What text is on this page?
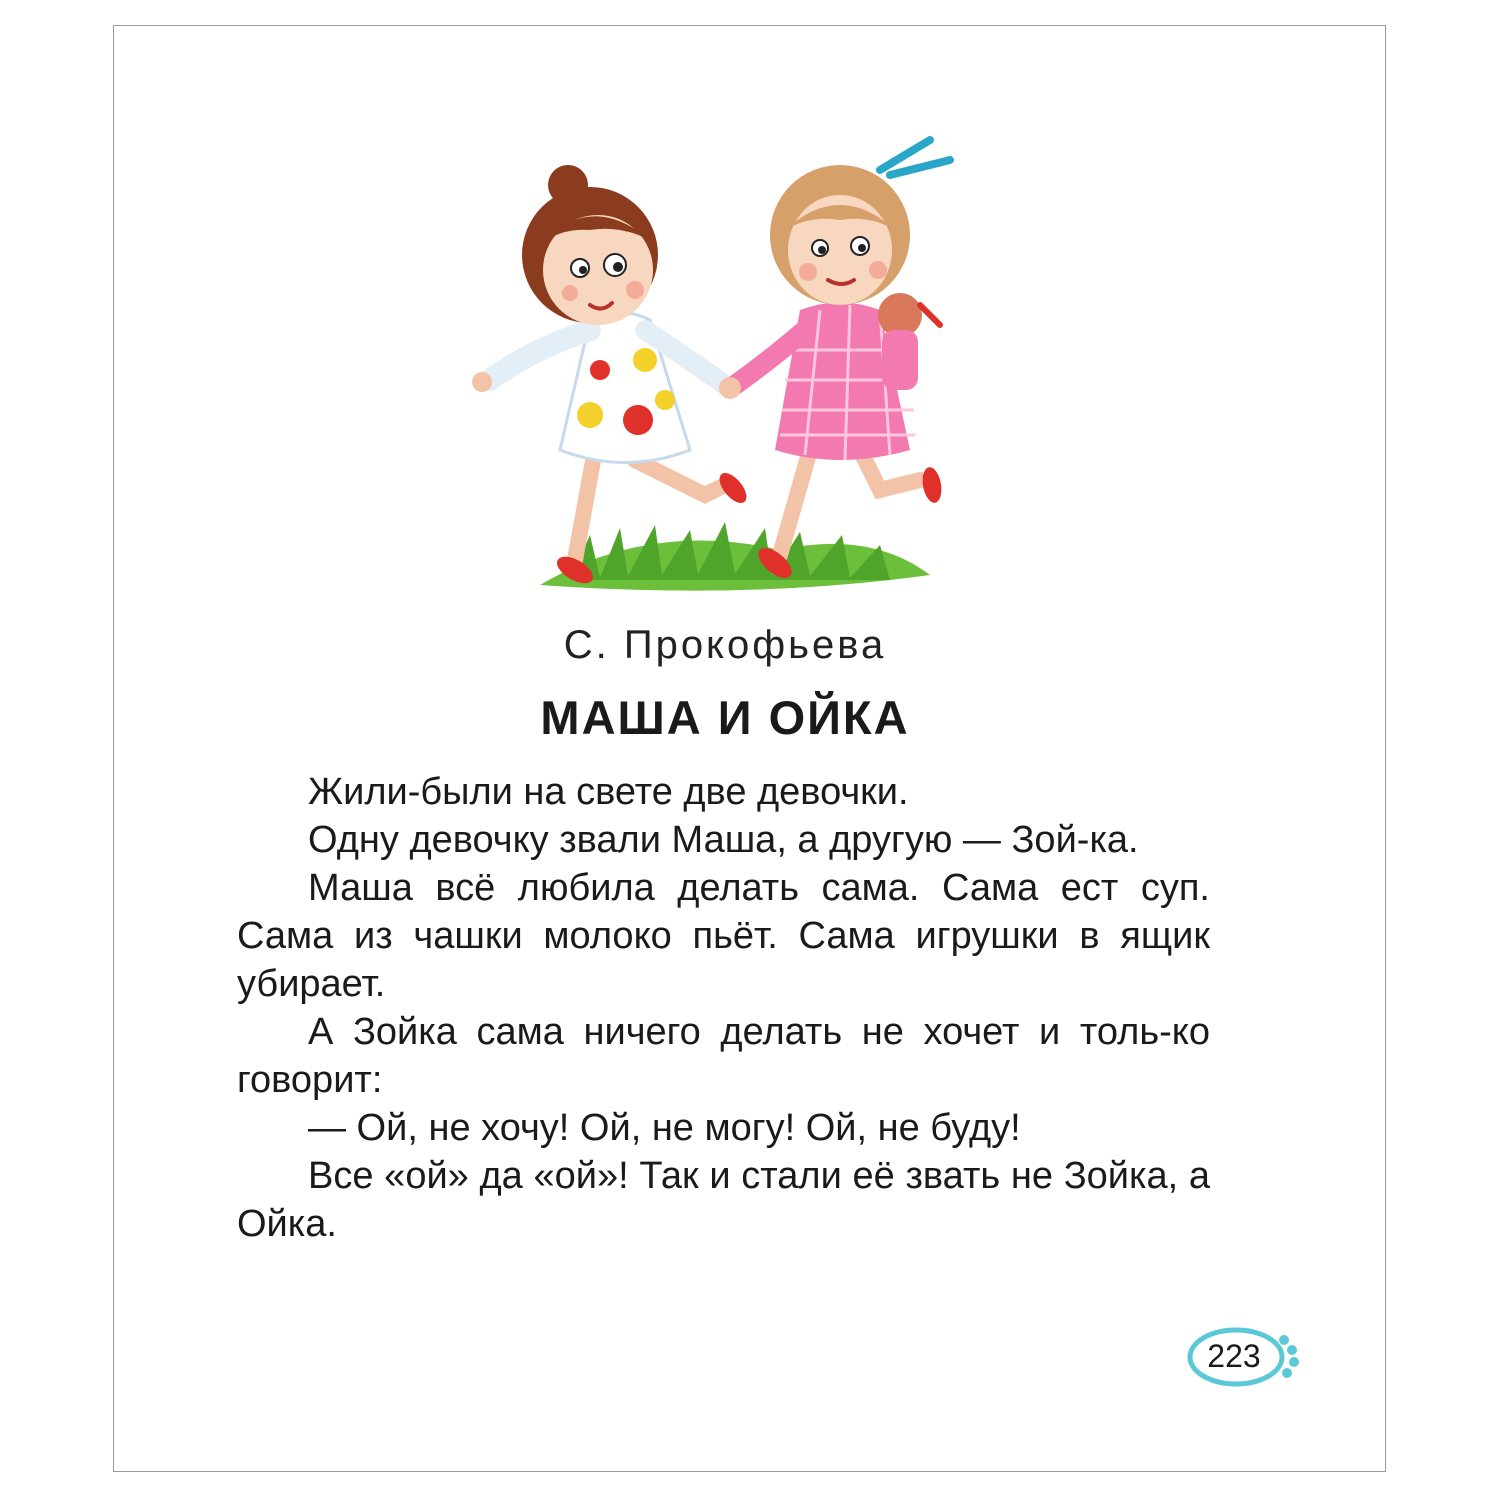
С. Прокофьева
МАША И ОЙКА

Жили-были на свете две девочки.

Одну девочку звали Маша, а другую — Зой-ка.

Маша всё любила делать сама. Сама ест суп. Сама из чашки молоко пьёт. Сама игрушки в ящик убирает.

А Зойка сама ничего делать не хочет и толь-ко говорит:

— Ой, не хочу! Ой, не могу! Ой, не буду!

Все «ой» да «ой»! Так и стали её звать не Зойка, а Ойка.

223
